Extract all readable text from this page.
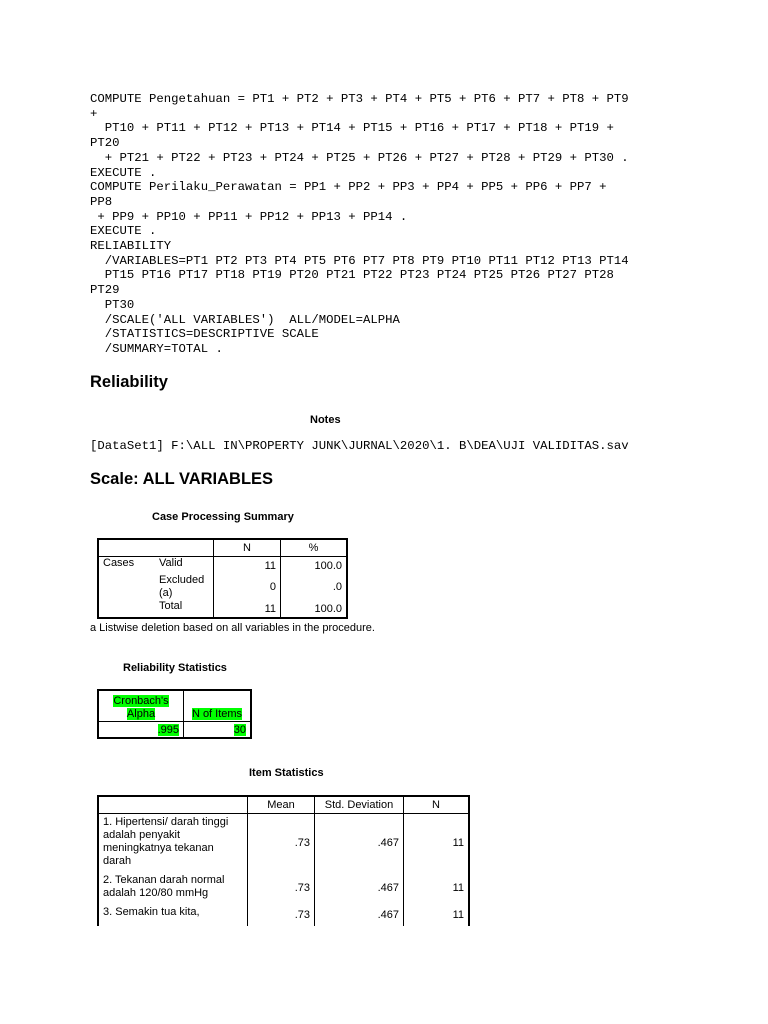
COMPUTE Pengetahuan = PT1 + PT2 + PT3 + PT4 + PT5 + PT6 + PT7 + PT8 + PT9
+
PT10 + PT11 + PT12 + PT13 + PT14 + PT15 + PT16 + PT17 + PT18 + PT19 +
PT20
+ PT21 + PT22 + PT23 + PT24 + PT25 + PT26 + PT27 + PT28 + PT29 + PT30 .
EXECUTE .
COMPUTE Perilaku_Perawatan = PP1 + PP2 + PP3 + PP4 + PP5 + PP6 + PP7 +
PP8
+ PP9 + PP10 + PP11 + PP12 + PP13 + PP14 .
EXECUTE .
RELIABILITY
/VARIABLES=PT1 PT2 PT3 PT4 PT5 PT6 PT7 PT8 PT9 PT10 PT11 PT12 PT13 PT14
PT15 PT16 PT17 PT18 PT19 PT20 PT21 PT22 PT23 PT24 PT25 PT26 PT27 PT28
PT29
PT30
/SCALE('ALL VARIABLES')  ALL/MODEL=ALPHA
/STATISTICS=DESCRIPTIVE SCALE
/SUMMARY=TOTAL .
Reliability
Notes
[DataSet1] F:\ALL IN\PROPERTY JUNK\JURNAL\2020\1. B\DEA\UJI VALIDITAS.sav
Scale: ALL VARIABLES
Case Processing Summary
		N	%
Cases	Valid	11	100.0
	Excluded(a)	0	.0
	Total	11	100.0
a Listwise deletion based on all variables in the procedure.
Reliability Statistics
Cronbach's Alpha	N of Items
.995	30
Item Statistics
	Mean	Std. Deviation	N
1. Hipertensi/ darah tinggi adalah penyakit meningkatnya tekanan darah	.73	.467	11
2. Tekanan darah normal adalah 120/80 mmHg	.73	.467	11
3. Semakin tua kita,	.73	.467	11
